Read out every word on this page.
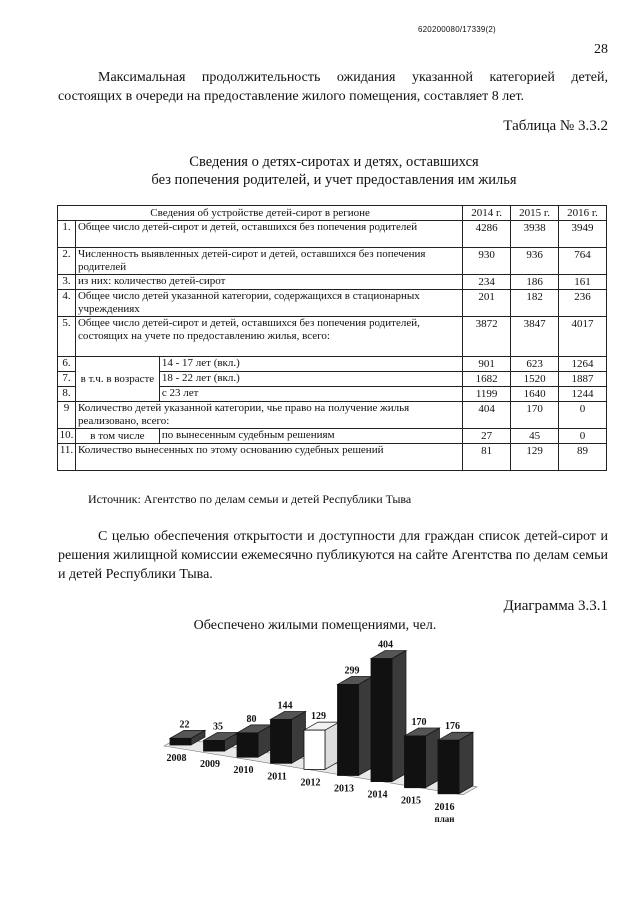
620200080/17339(2)
28
Максимальная продолжительность ожидания указанной категорией детей, состоящих в очереди на предоставление жилого помещения, составляет 8 лет.
Таблица № 3.3.2
Сведения о детях-сиротах и детях, оставшихся
без попечения родителей, и учет предоставления им жилья
Сведения об устройстве детей-сирот в регионе			2014 г.	2015 г.	2016 г.
1.	Общее число детей-сирот и детей, оставшихся без попечения родителей		4286	3938	3949
2.	Численность выявленных детей-сирот и детей, оставшихся без попечения родителей		930	936	764
3.	из них: количество детей-сирот		234	186	161
4.	Общее число детей указанной категории, содержащихся в стационарных учреждениях		201	182	236
5.	Общее число детей-сирот и детей, оставшихся без попечения родителей, состоящих на учете по предоставлению жилья, всего:		3872	3847	4017
6.	в т.ч. в возрасте	14 - 17 лет (вкл.)	901	623	1264
7.		18 - 22 лет (вкл.)	1682	1520	1887
8.		с 23 лет	1199	1640	1244
9	Количество детей указанной категории, чье право на получение жилья реализовано, всего:		404	170	0
10.	в том числе	по вынесенным судебным решениям	27	45	0
11.	Количество вынесенных по этому основанию судебных решений		81	129	89
Источник: Агентство по делам семьи и детей Республики Тыва
С целью обеспечения открытости и доступности для граждан список детей-сирот и решения жилищной комиссии ежемесячно публикуются на сайте Агентства по делам семьи и детей Республики Тыва.
Диаграмма 3.3.1
Обеспечено жилыми помещениями, чел.
22
2008
35
2009
80
2010
144
2011
129
2012
299
2013
404
2014
170
2015
176
2016
план
